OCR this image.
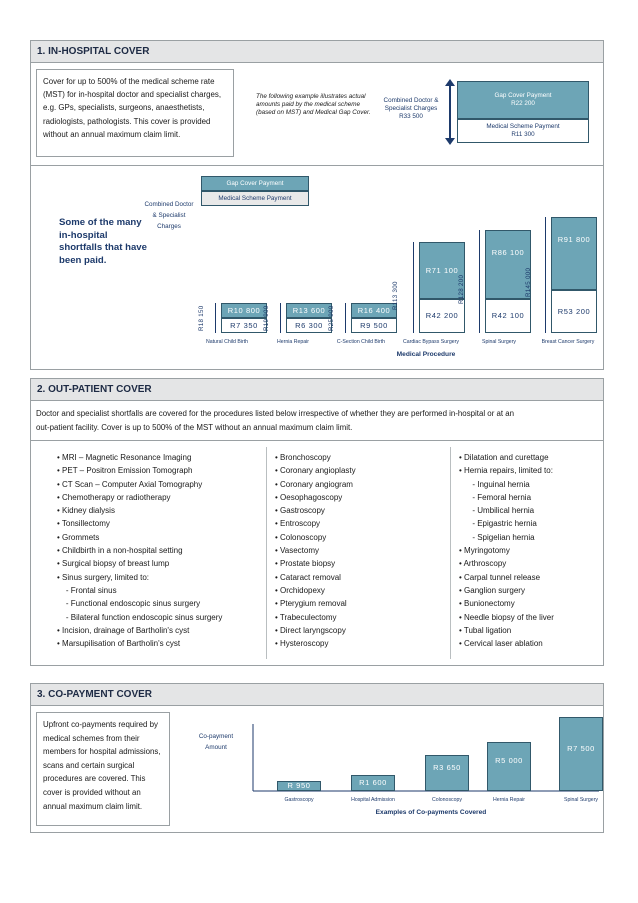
1. IN-HOSPITAL COVER
Cover for up to 500% of the medical scheme rate (MST) for in-hospital doctor and specialist charges, e.g. GPs, specialists, surgeons, anaesthetists, radiologists, pathologists. This cover is provided without an annual maximum claim limit.
The following example illustrates actual amounts paid by the medical scheme (based on MST) and Medical Gap Cover.
Combined Doctor & Specialist Charges
R33 500
Gap Cover Payment
R22 200
Medical Scheme Payment
R11 300
Some of the many in-hospital shortfalls that have been paid.
Combined Doctor & Specialist Charges
Gap Cover Payment
Medical Scheme Payment
R7 350
R10 800
R18 150
Natural Child Birth
R6 300
R13 600
R19 900
Hernia Repair
R9 500
R16 400
R25 900
C-Section Child Birth
R42 200
R71 100
R113 300
Cardiac Bypass Surgery
R42 100
R86 100
R128 200
Spinal Surgery
R53 200
R91 800
R145 000
Breast Cancer Surgery
Medical Procedure
2. OUT-PATIENT COVER
Doctor and specialist shortfalls are covered for the procedures listed below irrespective of whether they are performed in-hospital or at an
out-patient facility. Cover is up to 500% of the MST without an annual maximum claim limit.
• MRI – Magnetic Resonance Imaging
• PET – Positron Emission Tomograph
• CT Scan – Computer Axial Tomography
• Chemotherapy or radiotherapy
• Kidney dialysis
• Tonsillectomy
• Grommets
• Childbirth in a non-hospital setting
• Surgical biopsy of breast lump
• Sinus surgery, limited to:
- Frontal sinus
- Functional endoscopic sinus surgery
- Bilateral function endoscopic sinus surgery
• Incision, drainage of Bartholin's cyst
• Marsupilisation of Bartholin's cyst
• Bronchoscopy
• Coronary angioplasty
• Coronary angiogram
• Oesophagoscopy
• Gastroscopy
• Entroscopy
• Colonoscopy
• Vasectomy
• Prostate biopsy
• Cataract removal
• Orchidopexy
• Pterygium removal
• Trabeculectomy
• Direct laryngscopy
• Hysteroscopy
• Dilatation and curettage
• Hernia repairs, limited to:
- Inguinal hernia
- Femoral hernia
- Umbilical hernia
- Epigastric hernia
- Spigelian hernia
• Myringotomy
• Arthroscopy
• Carpal tunnel release
• Ganglion surgery
• Bunionectomy
• Needle biopsy of the liver
• Tubal ligation
• Cervical laser ablation
3. CO-PAYMENT COVER
Upfront co-payments required by medical schemes from their members for hospital admissions, scans and certain surgical procedures are covered. This cover is provided without an annual maximum claim limit.
Co-payment Amount
R 950
Gastroscopy
R1 600
Hospital Admission
R3 650
Colonoscopy
R5 000
Hernia Repair
R7 500
Spinal Surgery
Examples of Co-payments Covered
